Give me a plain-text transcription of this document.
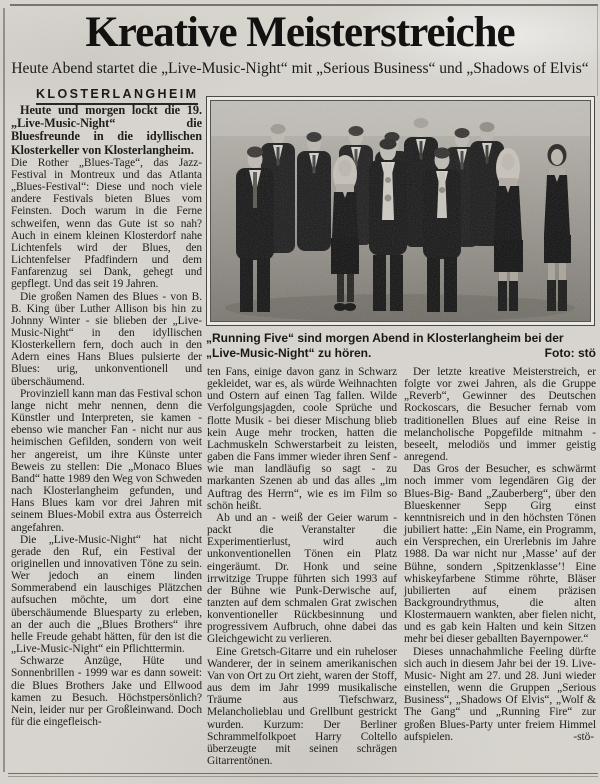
Kreative Meisterstreiche
Heute Abend startet die „Live-Music-Night“ mit „Serious Business“ und „Shadows of Elvis“
KLOSTERLANGHEIM
„Running Five“ sind morgen Abend in Klosterlangheim bei der „Live-Music-Night“ zu hören.	Foto: stö

Heute und morgen lockt die 19. „Live-Music-Night“ die Bluesfreunde in die idyllischen Klosterkeller von Klosterlangheim.

Die Rother „Blues-Tage“, das Jazz-Festival in Montreux und das Atlanta „Blues-Festival“: Diese und noch viele andere Festivals bieten Blues vom Feinsten. Doch warum in die Ferne schweifen, wenn das Gute ist so nah? Auch in einem kleinen Klosterdorf nahe Lichtenfels wird der Blues, den Lichtenfelser Pfadfindern und dem Fanfarenzug sei Dank, gehegt und gepflegt. Und das seit 19 Jahren.

Die großen Namen des Blues - von B. B. King über Luther Allison bis hin zu Johnny Winter - sie blieben der „Live-Music-Night“ in den idyllischen Klosterkellern fern, doch auch in den Adern eines Hans Blues pulsierte der Blues: urig, unkonventionell und überschäumend.

Provinziell kann man das Festival schon lange nicht mehr nennen, denn die Künstler und Interpreten, sie kamen - ebenso wie mancher Fan - nicht nur aus heimischen Gefilden, sondern von weit her angereist, um ihre Künste unter Beweis zu stellen: Die „Monaco Blues Band“ hatte 1989 den Weg von Schweden nach Klosterlangheim gefunden, und Hans Blues kam vor drei Jahren mit seinem Blues-Mobil extra aus Österreich angefahren.

Die „Live-Music-Night“ hat nicht gerade den Ruf, ein Festival der originellen und innovativen Töne zu sein. Wer jedoch an einem linden Sommerabend ein lauschiges Plätzchen aufsuchen möchte, um dort eine überschäumende Bluesparty zu erleben, an der auch die „Blues Brothers“ ihre helle Freude gehabt hätten, für den ist die „Live-Music-Night“ ein Pflichttermin.

Schwarze Anzüge, Hüte und Sonnenbrillen - 1999 war es dann soweit: die Blues Brothers Jake und Ellwood kamen zu Besuch. Höchstpersönlich? Nein, leider nur per Großleinwand. Doch für die eingefleisch-

ten Fans, einige davon ganz in Schwarz gekleidet, war es, als würde Weihnachten und Ostern auf einen Tag fallen. Wilde Verfolgungsjagden, coole Sprüche und flotte Musik - bei dieser Mischung blieb kein Auge mehr trocken, hatten die Lachmuskeln Schwerstarbeit zu leisten, gaben die Fans immer wieder ihren Senf - wie man landläufig so sagt - zu markanten Szenen ab und das alles „im Auftrag des Herrn“, wie es im Film so schön heißt.

Ab und an - weiß der Geier warum - packt die Veranstalter die Experimentierlust, wird auch unkonventionellen Tönen ein Platz eingeräumt. Dr. Honk und seine irrwitzige Truppe führten sich 1993 auf der Bühne wie Punk-Derwische auf, tanzten auf dem schmalen Grat zwischen konventioneller Rückbesinnung und progressivem Aufbruch, ohne dabei das Gleichgewicht zu verlieren.

Eine Gretsch-Gitarre und ein ruheloser Wanderer, der in seinem amerikanischen Van von Ort zu Ort zieht, waren der Stoff, aus dem im Jahr 1999 musikalische Träume aus Tiefschwarz, Melancholieblau und Grellbunt gestrickt wurden. Kurzum: Der Berliner Schrammelfolkpoet Harry Coltello überzeugte mit seinen schrägen Gitarrentönen.

Der letzte kreative Meisterstreich, er folgte vor zwei Jahren, als die Gruppe „Reverb“, Gewinner des Deutschen Rockoscars, die Besucher fernab vom traditionellen Blues auf eine Reise in melancholische Popgefilde mitnahm - beseelt, melodiös und immer geistig anregend.

Das Gros der Besucher, es schwärmt noch immer vom legendären Gig der Blues-Big- Band „Zauberberg“, über den Blueskenner Sepp Girg einst kenntnisreich und in den höchsten Tönen jubiliert hatte: „Ein Name, ein Programm, ein Versprechen, ein Urerlebnis im Jahre 1988. Da war nicht nur ‚Masse’ auf der Bühne, sondern ‚Spitzenklasse’! Eine whiskeyfarbene Stimme röhrte, Bläser jubilierten auf einem präzisen Backgroundrythmus, die alten Klostermauern wankten, aber fielen nicht, und es gab kein Halten und kein Sitzen mehr bei dieser geballten Bayernpower.“

Dieses unnachahmliche Feeling dürfte sich auch in diesem Jahr bei der 19. Live-Music- Night am 27. und 28. Juni wieder einstellen, wenn die Gruppen „Serious Business“, „Shadows Of Elvis“, „Wolf & The Gang“ und „Running Fire“ zur großen Blues-Party unter freiem Himmel aufspielen.	-stö-
